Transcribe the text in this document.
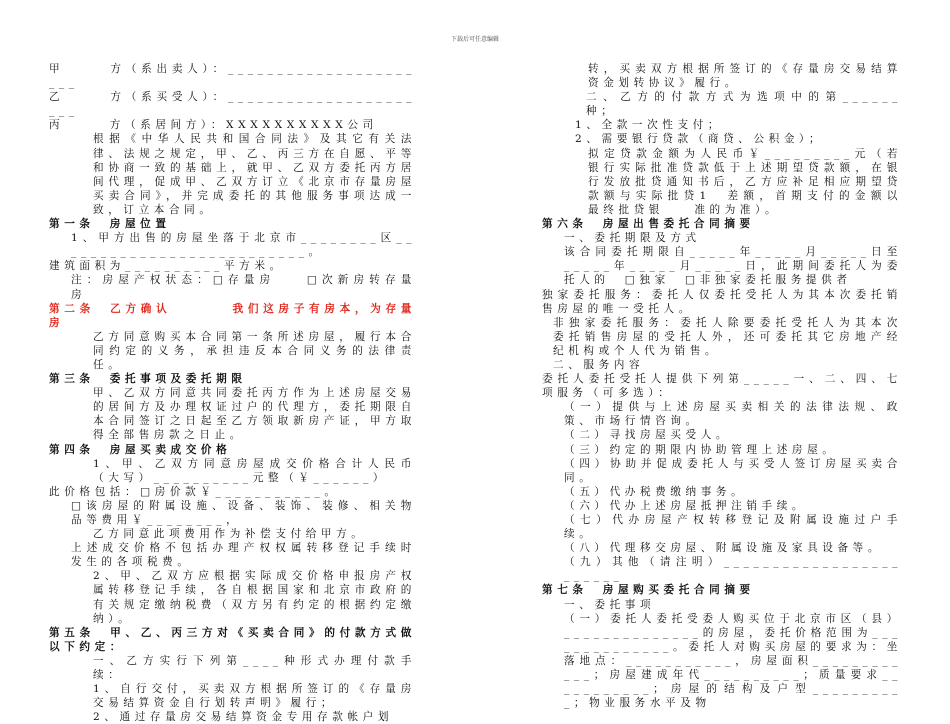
下载后可任意编辑

甲　　　方（系出卖人）：______________________

乙　　　方（系买受人）：______________________

丙　　　方（系居间方）：XXXXXXXXXX公司

根据《中华人民共和国合同法》及其它有关法律、法规之规定，甲、乙、丙三方在自愿、平等和协商一致的基础上，就甲、乙双方委托丙方居间代理，促成甲、乙双方订立《北京市存量房屋买卖合同》，并完成委托的其他服务事项达成一致，订立本合同。

第一条　房屋位置

1、甲方出售的房屋坐落于北京市________区__________________________。

建筑面积为__________平方米。

注：房屋产权状态：□存量房　　□次新房转存量房

第二条　乙方确认　　　　我们这房子有房本，为存量房

乙方同意购买本合同第一条所述房屋，履行本合同约定的义务，承担违反本合同义务的法律责任。

第三条　委托事项及委托期限

甲、乙双方同意共同委托丙方作为上述房屋交易的居间方及办理权证过户的代理方，委托期限自本合同签订之日起至乙方领取新房产证，甲方取得全部售房款之日止。

第四条　房屋买卖成交价格

1、甲、乙双方同意房屋成交价格合计人民币（大写）__________元整（￥______）

此价格包括：□房价款￥___________。

□该房屋的附属设施、设备、装饰、装修、相关物品等费用￥________，

乙方同意此项费用作为补偿支付给甲方。

上述成交价格不包括办理产权权属转移登记手续时发生的各项税费。

2、甲、乙双方应根据实际成交价格申报房产权属转移登记手续，各自根据国家和北京市政府的有关规定缴纳税费（双方另有约定的根据约定缴纳）。

第五条　甲、乙、丙三方对《买卖合同》的付款方式做以下约定：

一、乙方实行下列第____种形式办理付款手续：

1、自行交付，买卖双方根据所签订的《存量房交易结算资金自行划转声明》履行；

2、通过存量房交易结算资金专用存款帐户划

转，买卖双方根据所签订的《存量房交易结算资金划转协议》履行。

二、乙方的付款方式为选项中的第______种；

1、全款一次性支付；

2、需要银行贷款（商贷、公积金）；

拟定贷款金额为人民币￥_________元（若银行实际批准贷款低于上述期望贷款额，在银行发放批贷通知书后，乙方应补足相应期望贷款额与实际批贷1　差额，首期支付的金额以最终批贷银　　准的为准）。

第六条　房屋出售委托合同摘要

一、委托期限及方式

该合同委托期限自_____年_____月_____日至_____年_____月_____日，此期间委托人为委托人的　□独家　□非独家委托服务提供者

独家委托服务：委托人仅委托受托人为其本次委托销售房屋的唯一受托人。

非独家委托服务：委托人除要委托受托人为其本次委托销售房屋的受托人外，还可委托其它房地产经纪机构或个人代为销售。

二、服务内容

委托人委托受托人提供下列第_____一、二、四、七项服务（可多选）：

（一）提供与上述房屋买卖相关的法律法规、政策、市场行情咨询。

（二）寻找房屋买受人。

（三）约定的期限内协助管理上述房屋。

（四）协助并促成委托人与买受人签订房屋买卖合同。

（五）代办税费缴纳事务。

（六）代办上述房屋抵押注销手续。

（七）代办房屋产权转移登记及附属设施过户手续。

（八）代理移交房屋、附属设施及家具设备等。

（九）其他（请注明）________________________

第七条　房屋购买委托合同摘要

一、委托事项

（一）委托人委托受委人购买位于北京市区（县）______________的房屋，委托价格范围为______________。委托人对购买房屋的要求为：坐落地点：___________，房屋面积____________；房屋建成年代__________；质量要求___________；房屋的结构及户型__________；物业服务水平及物
